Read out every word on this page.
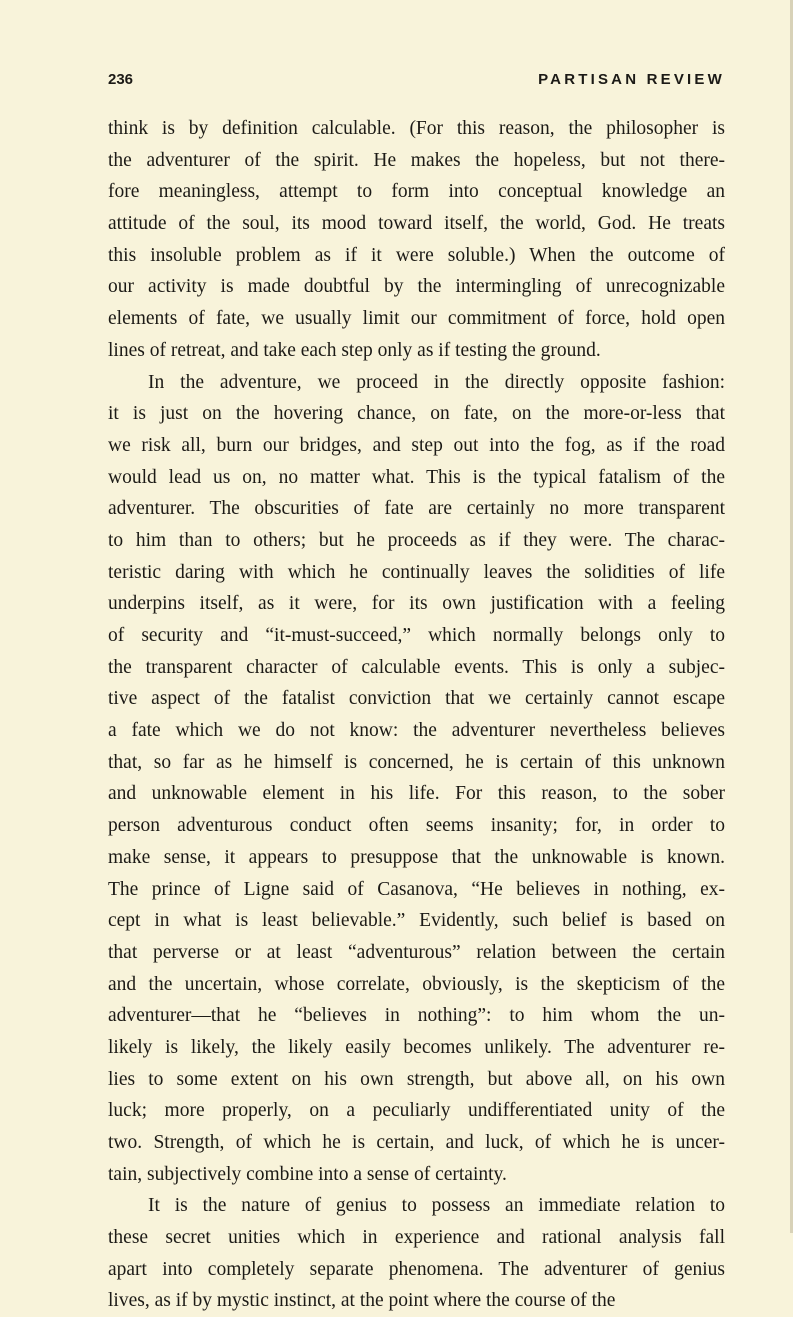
236	PARTISAN REVIEW
think is by definition calculable. (For this reason, the philosopher is
the adventurer of the spirit. He makes the hopeless, but not there-
fore meaningless, attempt to form into conceptual knowledge an
attitude of the soul, its mood toward itself, the world, God. He treats
this insoluble problem as if it were soluble.) When the outcome of
our activity is made doubtful by the intermingling of unrecognizable
elements of fate, we usually limit our commitment of force, hold open
lines of retreat, and take each step only as if testing the ground.
In the adventure, we proceed in the directly opposite fashion:
it is just on the hovering chance, on fate, on the more-or-less that
we risk all, burn our bridges, and step out into the fog, as if the road
would lead us on, no matter what. This is the typical fatalism of the
adventurer. The obscurities of fate are certainly no more transparent
to him than to others; but he proceeds as if they were. The charac-
teristic daring with which he continually leaves the solidities of life
underpins itself, as it were, for its own justification with a feeling
of security and “it-must-succeed,” which normally belongs only to
the transparent character of calculable events. This is only a subjec-
tive aspect of the fatalist conviction that we certainly cannot escape
a fate which we do not know: the adventurer nevertheless believes
that, so far as he himself is concerned, he is certain of this unknown
and unknowable element in his life. For this reason, to the sober
person adventurous conduct often seems insanity; for, in order to
make sense, it appears to presuppose that the unknowable is known.
The prince of Ligne said of Casanova, “He believes in nothing, ex-
cept in what is least believable.” Evidently, such belief is based on
that perverse or at least “adventurous” relation between the certain
and the uncertain, whose correlate, obviously, is the skepticism of the
adventurer—that he “believes in nothing”: to him whom the un-
likely is likely, the likely easily becomes unlikely. The adventurer re-
lies to some extent on his own strength, but above all, on his own
luck; more properly, on a peculiarly undifferentiated unity of the
two. Strength, of which he is certain, and luck, of which he is uncer-
tain, subjectively combine into a sense of certainty.
It is the nature of genius to possess an immediate relation to
these secret unities which in experience and rational analysis fall
apart into completely separate phenomena. The adventurer of genius
lives, as if by mystic instinct, at the point where the course of the
